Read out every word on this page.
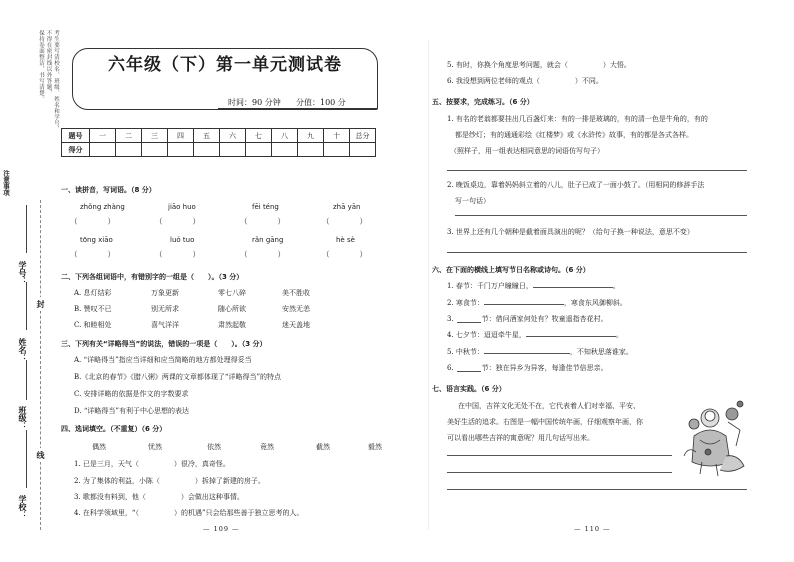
考生要写清校名、班级、姓名和学号，
不得在密封线以外答题，
保持卷面整洁，书写清楚。
注意事项
封
线
学号：
姓名：
班级：
学校：
六年级（下）第一单元测试卷
时间：90 分钟 分值：100 分
题号	一	二	三	四	五	六	七	八	九	十	总分
得分											
一、读拼音，写词语。（8 分）
zhǒng zhàng	jiāo huo	fēi téng	zhā yān
（　　　　）	（　　　　）	（　　　　）	（　　　　）
tōng xiāo	luó tuo	rǎn gāng	hè sè
（　　　　）	（　　　　）	（　　　　）	（　　　　）
二、下列各组词语中，有错别字的一组是（　　）。（3 分）
A. 息灯结彩	万象更新	零七八碎	美不胜收
B. 赞叹不已	别无所求	随心所欲	安然无恙
C. 和睦相处	喜气洋洋	肃然起敬	迷天盖地
三、下列有关“详略得当”的说法，错误的一项是（　　）。（3 分）
A. “详略得当”指应当详细和应当简略的地方都处理得妥当
B.《北京的春节》《腊八粥》两课的文章都体现了“详略得当”的特点
C. 安排详略的依据是作文的字数要求
D. “详略得当”有利于中心思想的表达
四、选词填空。（不重复）（6 分）
偶然	忧然	依然	竟然	截然	毅然
1. 已是三月，天气（　　　　　）很冷，真奇怪。
2. 为了集体的利益，小陈（　　　　　）拆掉了新建的房子。
3. 歌都没有料到，他（　　　　　）会做出这种事情。
4. 在科学领域里，“（　　　　　）的机遇”只会给那些善于独立思考的人。
— 109 —
5. 有时，你换个角度思考问题，就会（　　　　　）大悟。
6. 我没想到两位老师的观点（　　　　　）不同。
五、按要求，完成练习。（6 分）
1. 有名的老翁都要挂出几百盏灯来：有的一排是玻璃的，有的清一色是牛角的，有的
都是纱灯；有的通通彩绘《红楼梦》或《水浒传》故事，有的都是各式各样。
（照样子，用一组表达相同意思的词语仿写句子）
2. 晚饭桌边，靠着妈妈斜立着的八儿，肚子已成了一面小鼓了。（用相同的修辞手法
写一句话）
3. 世界上还有几个朝种是截着面具演出的呢？（给句子换一种说法，意思不变）
六、在下面的横线上填写节日名称或诗句。（6 分）
1. 春节：千门万户瞳瞳日，	。
2. 寒食节：	，寒食东风御柳斜。
3.　　　　节：借问酒家何处有？牧童遥指杏花村。
4. 七夕节：迢迢牵牛星，	。
5. 中秋节：	，不知秋思落谁家。
6.　　　　节：独在异乡为异客，每逢佳节倍思亲。
七、语言实践。（6 分）
在中国，吉祥文化无处不在，它代表着人们对幸福、平安、
美好生活的追求。右图是一幅中国传统年画，仔细观察年画，你
可以看出哪些吉祥的寓意呢？用几句话写出来。
— 110 —
